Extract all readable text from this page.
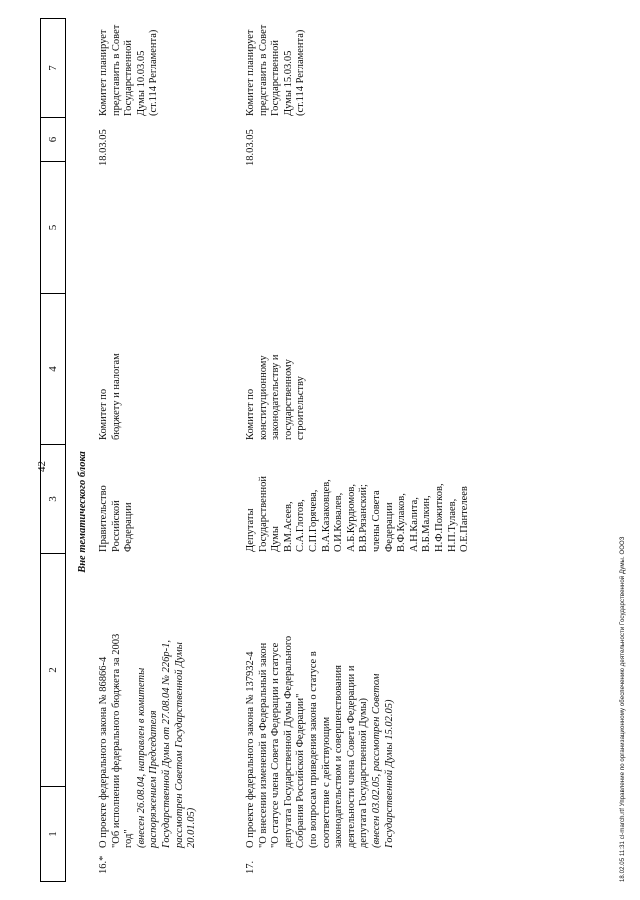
42
1
2
3
4
5
6
7
Вне тематического блока
16.*
О проекте федерального закона № 86866-4 "Об исполнении федерального бюджета за 2003 год" (внесен 26.08.04, направлен в комитеты распоряжением Председателя Государственной Думы от 27.08.04 № 226р-1, рассмотрен Советом Государственной Думы 20.01.05)
Правительство Российской Федерации
Комитет по бюджету и налогам
18.03.05
Комитет планирует представить в Совет Государственной Думы 10.03.05 (ст.114 Регламента)
17.
О проекте федерального закона № 137932-4 "О внесении изменений в Федеральный закон "О статусе члена Совета Федерации и статусе депутата Государственной Думы Федерального Собрания Российской Федерации" (по вопросам приведения закона о статусе в соответствие с действующим законодательством и совершенствования деятельности члена Совета Федерации и депутата Государственной Думы) (внесен 03.02.05, рассмотрен Советом Государственной Думы 15.02.05)
Депутаты Государственной Думы В.М.Асеев, С.А.Глотов, С.П.Горячева, В.А.Казаковцев, О.И.Ковалев, А.Б.Курдюмов, В.В.Рязанский; члены Совета Федерации В.Ф.Кулаков, А.Н.Калита, В.Б.Малкин, Н.Ф.Пожитков, Н.П.Тулаев, О.Е.Пантелеев
Комитет по конституционному законодательству и государственному строительству
18.03.05
Комитет планирует представить в Совет Государственной Думы 15.03.05 (ст.114 Регламента)
18.02.05 11:31 cl-march.rtf Управление по организационному обеспечению деятельности Государственной Думы. ОООЗ
